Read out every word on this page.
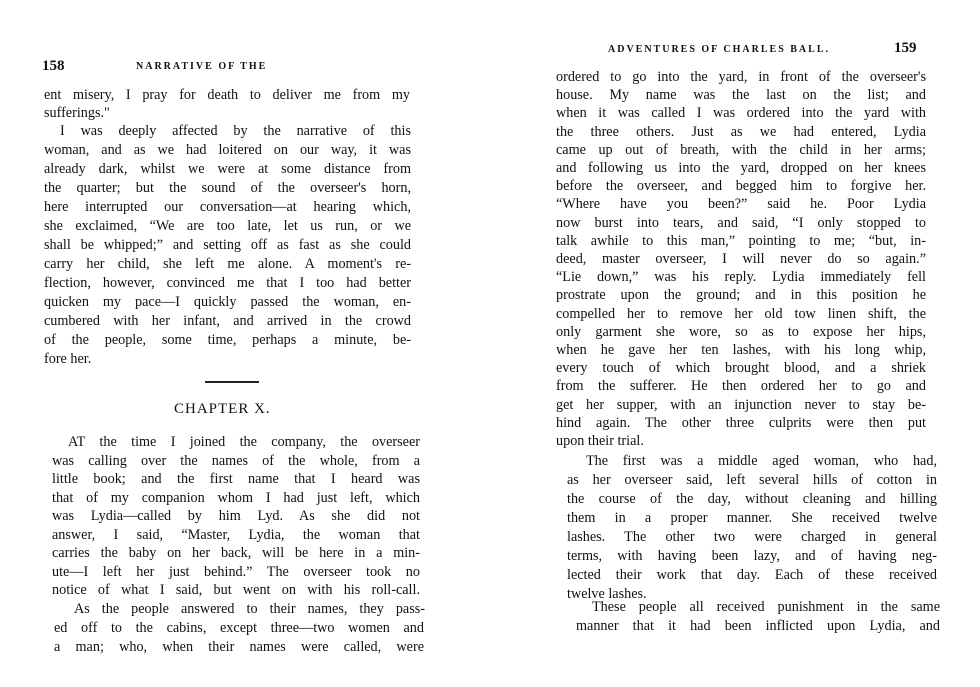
158	NARRATIVE OF THE
ent misery, I pray for death to deliver me from my
sufferings."
I was deeply affected by the narrative of this
woman, and as we had loitered on our way, it was
already dark, whilst we were at some distance from
the quarter; but the sound of the overseer's horn,
here interrupted our conversation—at hearing which,
she exclaimed, “We are too late, let us run, or we
shall be whipped;” and setting off as fast as she could
carry her child, she left me alone. A moment's re-
flection, however, convinced me that I too had better
quicken my pace—I quickly passed the woman, en-
cumbered with her infant, and arrived in the crowd
of the people, some time, perhaps a minute, be-
fore her.
CHAPTER X.
AT the time I joined the company, the overseer
was calling over the names of the whole, from a
little book; and the first name that I heard was
that of my companion whom I had just left, which
was Lydia—called by him Lyd. As she did not
answer, I said, “Master, Lydia, the woman that
carries the baby on her back, will be here in a min-
ute—I left her just behind.” The overseer took no
notice of what I said, but went on with his roll-call.
As the people answered to their names, they pass-
ed off to the cabins, except three—two women and
a man; who, when their names were called, were
ADVENTURES OF CHARLES BALL.	159
ordered to go into the yard, in front of the overseer's
house. My name was the last on the list; and
when it was called I was ordered into the yard with
the three others. Just as we had entered, Lydia
came up out of breath, with the child in her arms;
and following us into the yard, dropped on her knees
before the overseer, and begged him to forgive her.
“Where have you been?” said he. Poor Lydia
now burst into tears, and said, “I only stopped to
talk awhile to this man,” pointing to me; “but, in-
deed, master overseer, I will never do so again.”
“Lie down,” was his reply. Lydia immediately fell
prostrate upon the ground; and in this position he
compelled her to remove her old tow linen shift, the
only garment she wore, so as to expose her hips,
when he gave her ten lashes, with his long whip,
every touch of which brought blood, and a shriek
from the sufferer. He then ordered her to go and
get her supper, with an injunction never to stay be-
hind again. The other three culprits were then put
upon their trial.
The first was a middle aged woman, who had,
as her overseer said, left several hills of cotton in
the course of the day, without cleaning and hilling
them in a proper manner. She received twelve
lashes. The other two were charged in general
terms, with having been lazy, and of having neg-
lected their work that day. Each of these received
twelve lashes.
These people all received punishment in the same
manner that it had been inflicted upon Lydia, and
